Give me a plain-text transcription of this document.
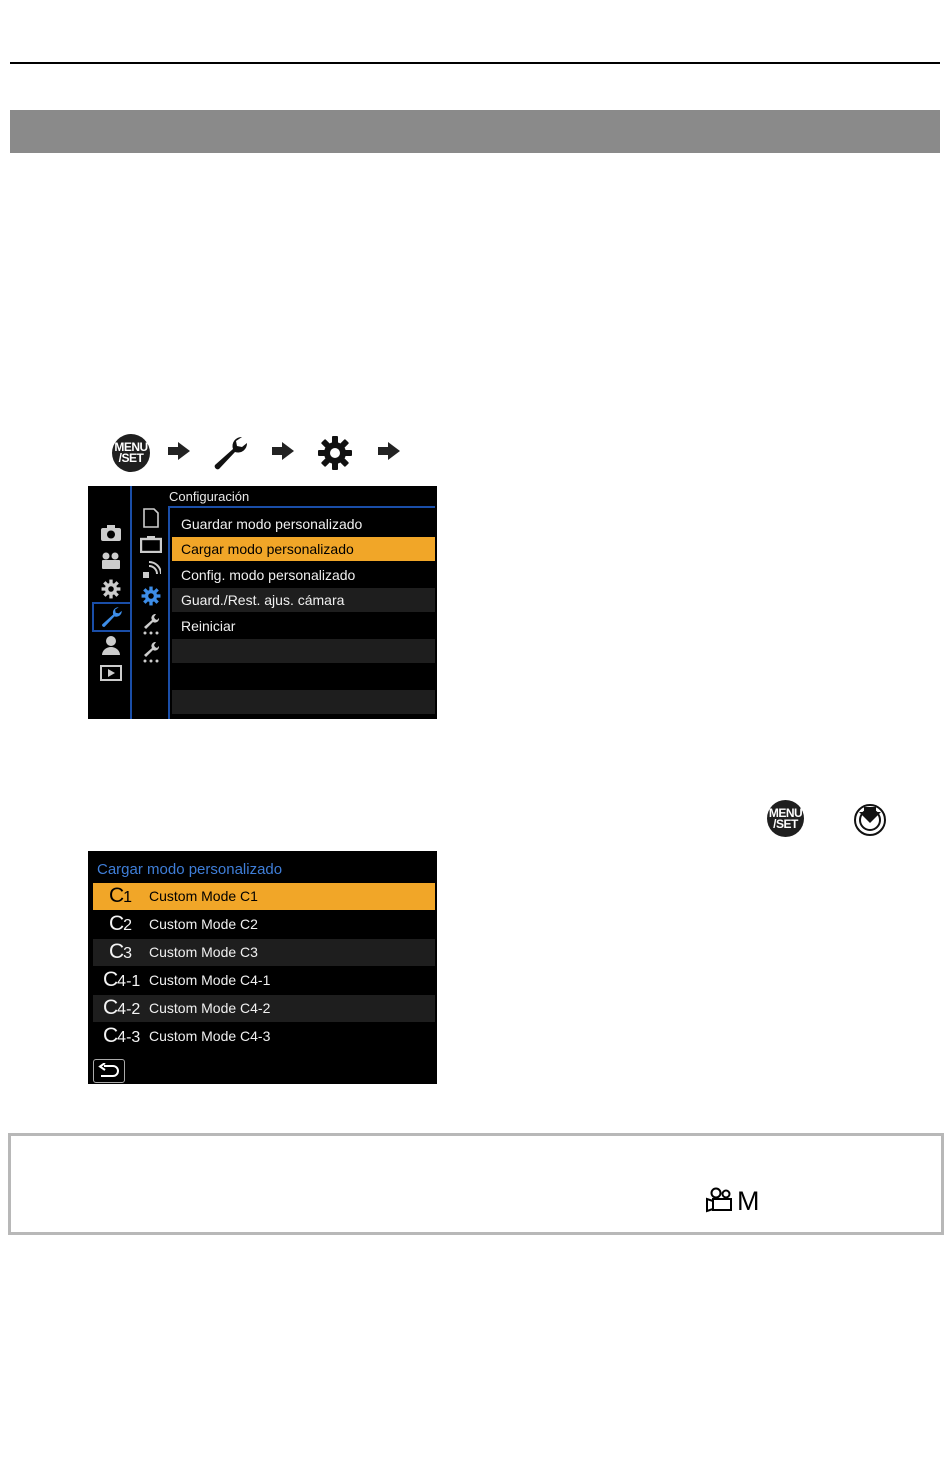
MENU
/SET
Configuración
Guardar modo personalizado
Cargar modo personalizado
Config. modo personalizado
Guard./Rest. ajus. cámara
Reiniciar
MENU
/SET
Cargar modo personalizado
C1 Custom Mode C1
C2 Custom Mode C2
C3 Custom Mode C3
C4-1 Custom Mode C4-1
C4-2 Custom Mode C4-2
C4-3 Custom Mode C4-3
M
